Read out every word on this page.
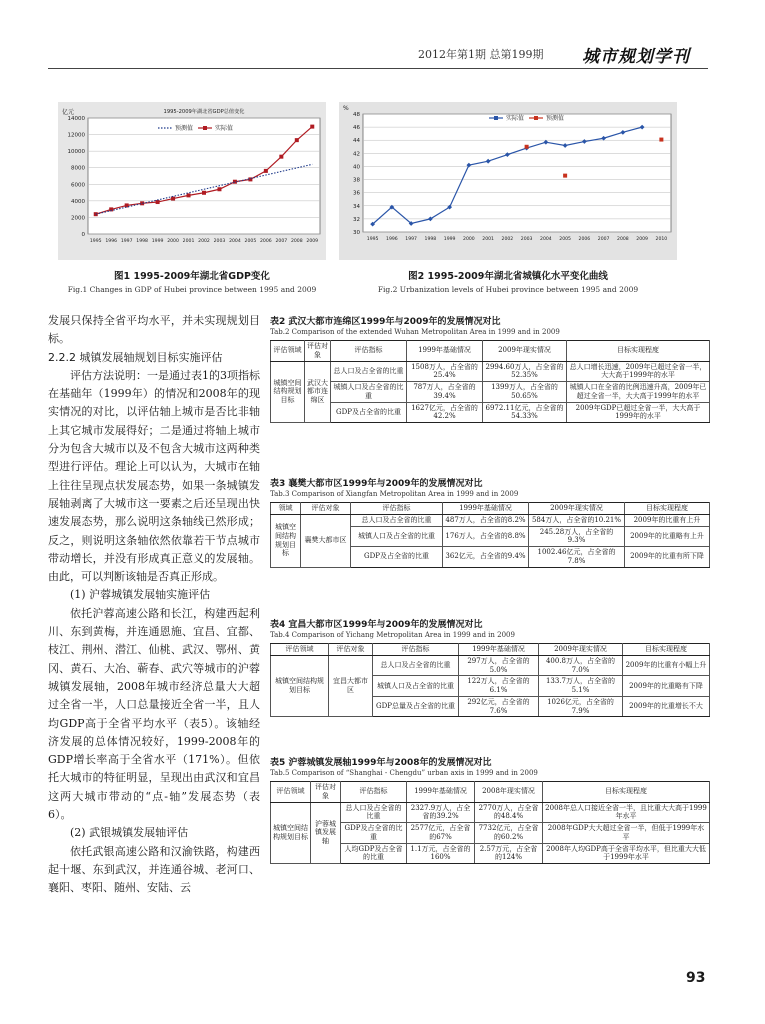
2012年第1期 总第199期 城市规划学刊
0
2000
4000
6000
8000
10000
12000
14000
1995 1996 1997 1998 1999 2000 2001 2002 2003 2004 2005 2006 2007 2008 2009
亿元	1995-2009年湖北省GDP总值变化
预测值	实际值
图1 1995-2009年湖北省GDP变化
Fig.1 Changes in GDP of Hubei province between 1995 and 2009
30
32
34
36
38
40
42
44
46
48
1995 1996 1997 1998 1999 2000 2001 2002 2003 2004 2005 2006 2007 2008 2009 2010
%
实际值	预测值
图2 1995-2009年湖北省城镇化水平变化曲线
Fig.2 Urbanization levels of Hubei province between 1995 and 2009

发展只保持全省平均水平，并未实现规划目标。

2.2.2 城镇发展轴规划目标实施评估

评估方法说明：一是通过表1的3项指标在基础年（1999年）的情况和2008年的现实情况的对比，以评估轴上城市是否比非轴上其它城市发展得好；二是通过将轴上城市分为包含大城市以及不包含大城市这两种类型进行评估。理论上可以认为，大城市在轴上往往呈现点状发展态势，如果一条城镇发展轴剥离了大城市这一要素之后还呈现出快速发展态势，那么说明这条轴线已然形成；反之，则说明这条轴依然依靠若干节点城市带动增长，并没有形成真正意义的发展轴。由此，可以判断该轴是否真正形成。

(1) 沪蓉城镇发展轴实施评估

依托沪蓉高速公路和长江，构建西起利川、东到黄梅，并连通恩施、宜昌、宜都、枝江、荆州、潜江、仙桃、武汉、鄂州、黄冈、黄石、大冶、蕲春、武穴等城市的沪蓉城镇发展轴，2008年城市经济总量大大超过全省一半，人口总量接近全省一半，且人均GDP高于全省平均水平（表5）。该轴经济发展的总体情况较好，1999-2008年的GDP增长率高于全省水平（171%）。但依托大城市的特征明显，呈现出由武汉和宜昌这两大城市带动的“点-轴”发展态势（表6）。

(2) 武银城镇发展轴评估

依托武银高速公路和汉渝铁路，构建西起十堰、东到武汉，并连通谷城、老河口、襄阳、枣阳、随州、安陆、云

表2 武汉大都市连绵区1999年与2009年的发展情况对比
Tab.2 Comparison of the extended Wuhan Metropolitan Area in 1999 and in 2009
评估领域	评估对象	评估指标	1999年基础情况	2009年现实情况	目标实现程度
城镇空间结构规划目标	武汉大都市连绵区	总人口及占全省的比重	1508万人，占全省的25.4%	2994.60万人，占全省的52.35%	总人口增长迅速，2009年已超过全省一半，大大高于1999年的水平
		城镇人口及占全省的比重	787万人，占全省的39.4%	1399万人，占全省的50.65%	城镇人口在全省的比例迅速升高，2009年已超过全省一半，大大高于1999年的水平
		GDP及占全省的比重	1627亿元，占全省的42.2%	6972.11亿元，占全省的54.33%	2009年GDP已超过全省一半，大大高于1999年的水平
表3 襄樊大都市区1999年与2009年的发展情况对比
Tab.3 Comparison of Xiangfan Metropolitan Area in 1999 and in 2009
领域	评估对象	评估指标	1999年基础情况	2009年现实情况	目标实现程度
城镇空间结构规划目标	襄樊大都市区	总人口及占全省的比重	487万人，占全省的8.2%	584万人，占全省的10.21%	2009年的比重有上升
		城镇人口及占全省的比重	176万人，占全省的8.8%	245.28万人，占全省的9.3%	2009年的比重略有上升
		GDP及占全省的比重	362亿元，占全省的9.4%	1002.46亿元，占全省的7.8%	2009年的比重有所下降
表4 宜昌大都市区1999年与2009年的发展情况对比
Tab.4 Comparison of Yichang Metropolitan Area in 1999 and in 2009
评估领域	评估对象	评估指标	1999年基础情况	2009年现实情况	目标实现程度
城镇空间结构规划目标	宜昌大都市区	总人口及占全省的比重	297万人，占全省的5.0%	400.8万人，占全省的7.0%	2009年的比重有小幅上升
		城镇人口及占全省的比重	122万人，占全省的6.1%	133.7万人，占全省的5.1%	2009年的比重略有下降
		GDP总量及占全省的比重	292亿元，占全省的7.6%	1026亿元，占全省的7.9%	2009年的比重增长不大
表5 沪蓉城镇发展轴1999年与2008年的发展情况对比
Tab.5 Comparison of “Shanghai - Chengdu” urban axis in 1999 and in 2009
评估领域	评估对象	评估指标	1999年基础情况	2008年现实情况	目标实现程度
城镇空间结构规划目标	沪蓉城镇发展轴	总人口及占全省的比重	2327.9万人，占全省的39.2%	2770万人，占全省的48.4%	2008年总人口接近全省一半，且比重大大高于1999年水平
		GDP及占全省的比重	2577亿元，占全省的67%	7732亿元，占全省的60.2%	2008年GDP大大超过全省一半，但低于1999年水平
		人均GDP及占全省的比重	1.1万元，占全省的160%	2.57万元，占全省的124%	2008年人均GDP高于全省平均水平，但比重大大低于1999年水平
93
